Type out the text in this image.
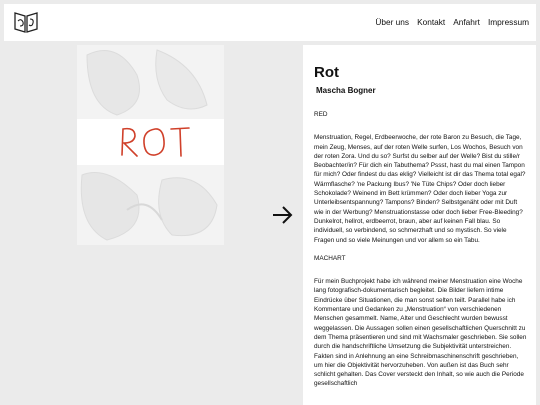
Über uns Kontakt Anfahrt Impressum
Rot
Mascha Bogner

RED

Menstruation, Regel, Erdbeerwoche, der rote Baron zu Besuch, die Tage, mein Zeug, Menses, auf der roten Welle surfen, Los Wochos, Besuch von der roten Zora. Und du so? Surfst du selber auf der Welle? Bist du stille/r Beobachter/in? Für dich ein Tabuthema? Pssst, hast du mal einen Tampon für mich? Oder findest du das eklig? Vielleicht ist dir das Thema total egal? Wärmflasche? 'ne Packung Ibus? 'Ne Tüte Chips? Oder doch lieber Schokolade? Weinend im Bett krümmen? Oder doch lieber Yoga zur Unterleibsentspannung? Tampons? Binden? Selbstgenäht oder mit Duft wie in der Werbung? Menstruationstasse oder doch lieber Free-Bleeding? Dunkelrot, hellrot, erdbeerrot, braun, aber auf keinen Fall blau. So individuell, so verbindend, so schmerzhaft und so mystisch. So viele Fragen und so viele Meinungen und vor allem so ein Tabu.

MACHART

Für mein Buchprojekt habe ich während meiner Menstruation eine Woche lang fotografisch-dokumentarisch begleitet. Die Bilder liefern intime Eindrücke über Situationen, die man sonst selten teilt. Parallel habe ich Kommentare und Gedanken zu „Menstruation“ von verschiedenen Menschen gesammelt. Name, Alter und Geschlecht wurden bewusst weggelassen. Die Aussagen sollen einen gesellschaftlichen Querschnitt zu dem Thema präsentieren und sind mit Wachsmaler geschrieben. Sie sollen durch die handschriftliche Umsetzung die Subjektivität unterstreichen. Fakten sind in Anlehnung an eine Schreibmaschinenschrift geschrieben, um hier die Objektivität hervorzuheben. Von außen ist das Buch sehr schlicht gehalten. Das Cover versteckt den Inhalt, so wie auch die Periode gesellschaftlich
